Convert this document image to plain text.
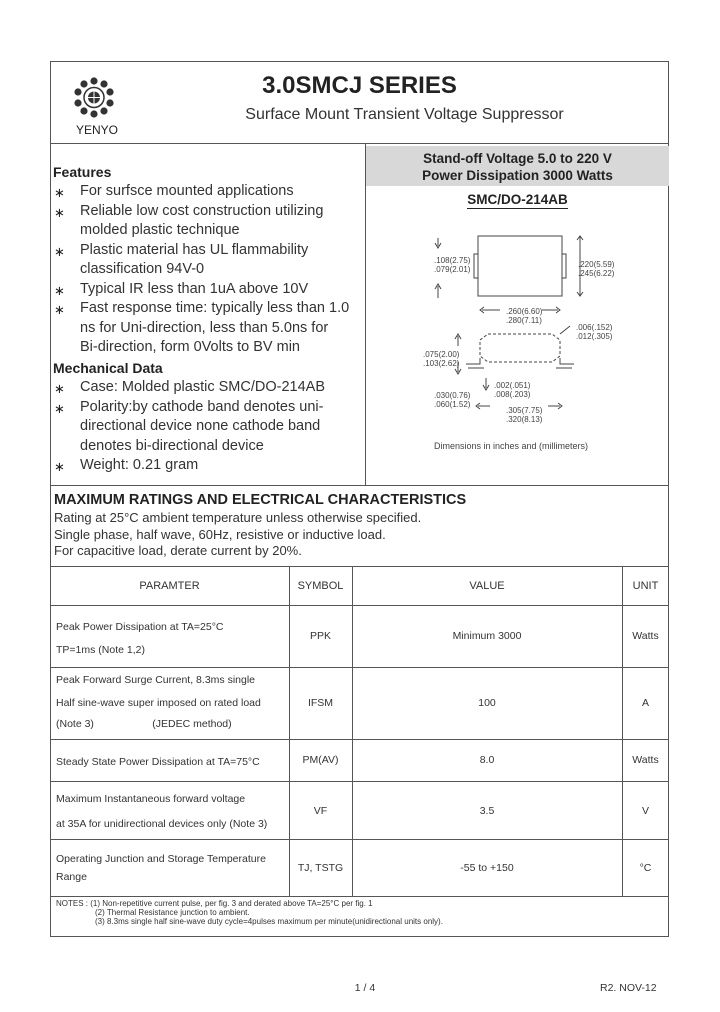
YENYO
3.0SMCJ SERIES
Surface Mount Transient Voltage Suppressor
Features
∗ For surfsce mounted applications
∗ Reliable low cost construction utilizing
molded plastic technique
∗ Plastic material has UL flammability
classification 94V-0
∗ Typical IR less than 1uA above 10V
∗ Fast response time: typically less than 1.0
ns for Uni-direction, less than 5.0ns for
Bi-direction, form 0Volts to BV min
Mechanical Data
∗ Case: Molded plastic SMC/DO-214AB
∗ Polarity:by cathode band denotes uni-
directional device none cathode band
denotes bi-directional device
∗ Weight: 0.21 gram
Stand-off Voltage 5.0 to 220 V
Power Dissipation 3000 Watts
SMC/DO-214AB
.108(2.75)
.079(2.01)
.220(5.59)
.245(6.22)
.260(6.60)
.280(7.11)
.006(.152)
.012(.305)
.075(2.00)
.103(2.62)
.002(.051)
.008(.203)
.030(0.76)
.060(1.52)
.305(7.75)
.320(8.13)
Dimensions in inches and (millimeters)
MAXIMUM RATINGS AND ELECTRICAL CHARACTERISTICS
Rating at 25°C ambient temperature unless otherwise specified.
Single phase, half wave, 60Hz, resistive or inductive load.
For capacitive load, derate current by 20%.
PARAMTER	SYMBOL	VALUE	UNIT
Peak Power Dissipation at TA=25°C
TP=1ms (Note 1,2)
PPK	Minimum 3000	Watts
Peak Forward Surge Current, 8.3ms single
Half sine-wave super imposed on rated load
(Note 3)                    (JEDEC method)
IFSM	100	A
Steady State Power Dissipation at TA=75°C	PM(AV)	8.0	Watts
Maximum Instantaneous forward voltage
at 35A for unidirectional devices only (Note 3)
VF	3.5	V
Operating Junction and Storage Temperature
Range
TJ, TSTG	-55 to +150	°C
NOTES : (1) Non-repetitive current pulse, per fig. 3 and derated above TA=25°C per fig. 1
(2) Thermal Resistance junction to ambient.
(3) 8.3ms single half sine-wave duty cycle=4pulses maximum per minute(unidirectional units only).
1 / 4	R2. NOV-12
